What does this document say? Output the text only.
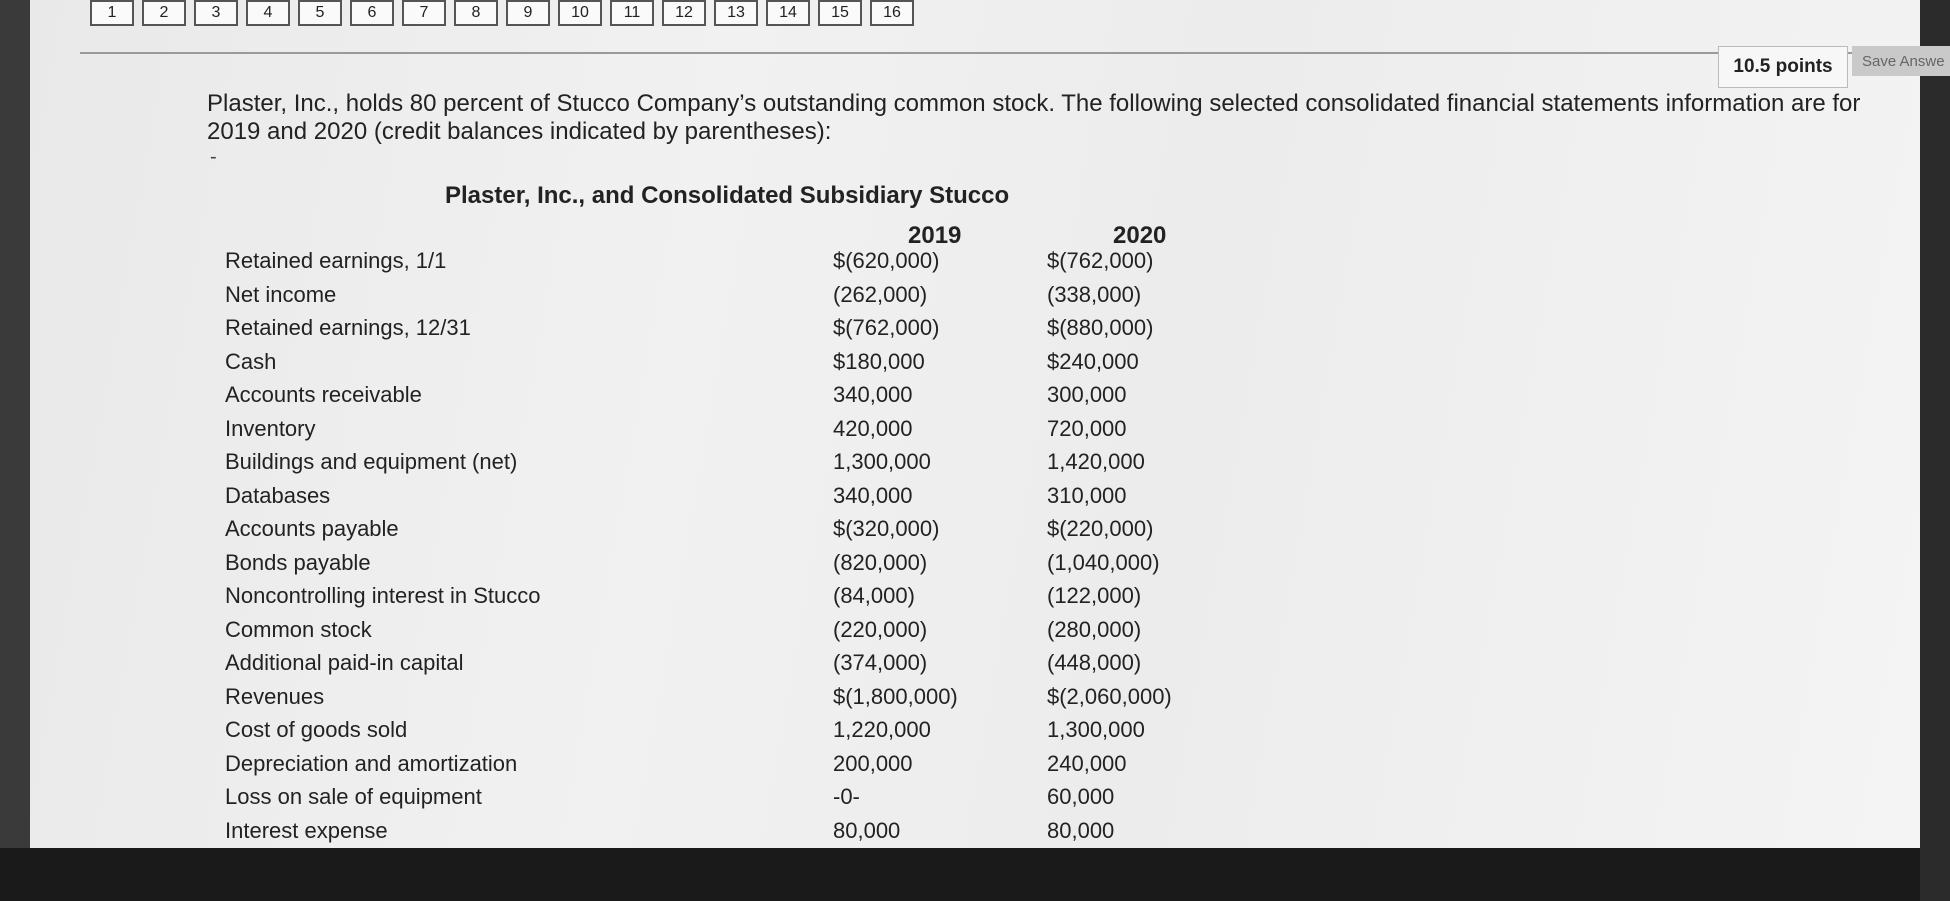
1	2	3	4	5	6	7	8	9	10	11	12	13	14	15	16
10.5 points	Save Answe
Plaster, Inc., holds 80 percent of Stucco Company’s outstanding common stock. The following selected consolidated financial statements information are for 2019 and 2020 (credit balances indicated by parentheses):
-
Plaster, Inc., and Consolidated Subsidiary Stucco
2019	2020
Retained earnings, 1/1	$(620,000)	$(762,000)
Net income	(262,000)	(338,000)
Retained earnings, 12/31	$(762,000)	$(880,000)
Cash	$180,000	$240,000
Accounts receivable	340,000	300,000
Inventory	420,000	720,000
Buildings and equipment (net)	1,300,000	1,420,000
Databases	340,000	310,000
Accounts payable	$(320,000)	$(220,000)
Bonds payable	(820,000)	(1,040,000)
Noncontrolling interest in Stucco	(84,000)	(122,000)
Common stock	(220,000)	(280,000)
Additional paid-in capital	(374,000)	(448,000)
Revenues	$(1,800,000)	$(2,060,000)
Cost of goods sold	1,220,000	1,300,000
Depreciation and amortization	200,000	240,000
Loss on sale of equipment	-0-	60,000
Interest expense	80,000	80,000
